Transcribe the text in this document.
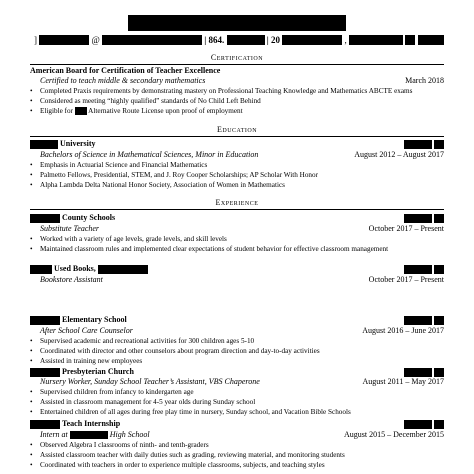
]	@	| 864.	| 20	,
Certification
American Board for Certification of Teacher Excellence
Certified to teach middle & secondary mathematics	March 2018
• Completed Praxis requirements by demonstrating mastery on Professional Teaching Knowledge and Mathematics ABCTE exams
• Considered as meeting “highly qualified” standards of No Child Left Behind
• Eligible for Alternative Route License upon proof of employment
Education
University

Bachelors of Science in Mathematical Sciences, Minor in Education	August 2012 – August 2017
• Emphasis in Actuarial Science and Financial Mathematics
• Palmetto Fellows, Presidential, STEM, and J. Roy Cooper Scholarships; AP Scholar With Honor
• Alpha Lambda Delta National Honor Society, Association of Women in Mathematics
Experience
County Schools

Substitute Teacher	October 2017 – Present
• Worked with a variety of age levels, grade levels, and skill levels
• Maintained classroom rules and implemented clear expectations of student behavior for effective classroom management
Used Books,

Bookstore Assistant	October 2017 – Present
Elementary School

After School Care Counselor	August 2016 – June 2017
• Supervised academic and recreational activities for 300 children ages 5-10
• Coordinated with director and other counselors about program direction and day-to-day activities
• Assisted in training new employees
Presbyterian Church

Nursery Worker, Sunday School Teacher’s Assistant, VBS Chaperone	August 2011 – May 2017
• Supervised children from infancy to kindergarten age
• Assisted in classroom management for 4-5 year olds during Sunday school
• Entertained children of all ages during free play time in nursery, Sunday school, and Vacation Bible Schools
Teach Internship

Intern at	High School	August 2015 – December 2015
• Observed Algebra I classrooms of ninth- and tenth-graders
• Assisted classroom teacher with daily duties such as grading, reviewing material, and monitoring students
• Coordinated with teachers in order to experience multiple classrooms, subjects, and teaching styles
